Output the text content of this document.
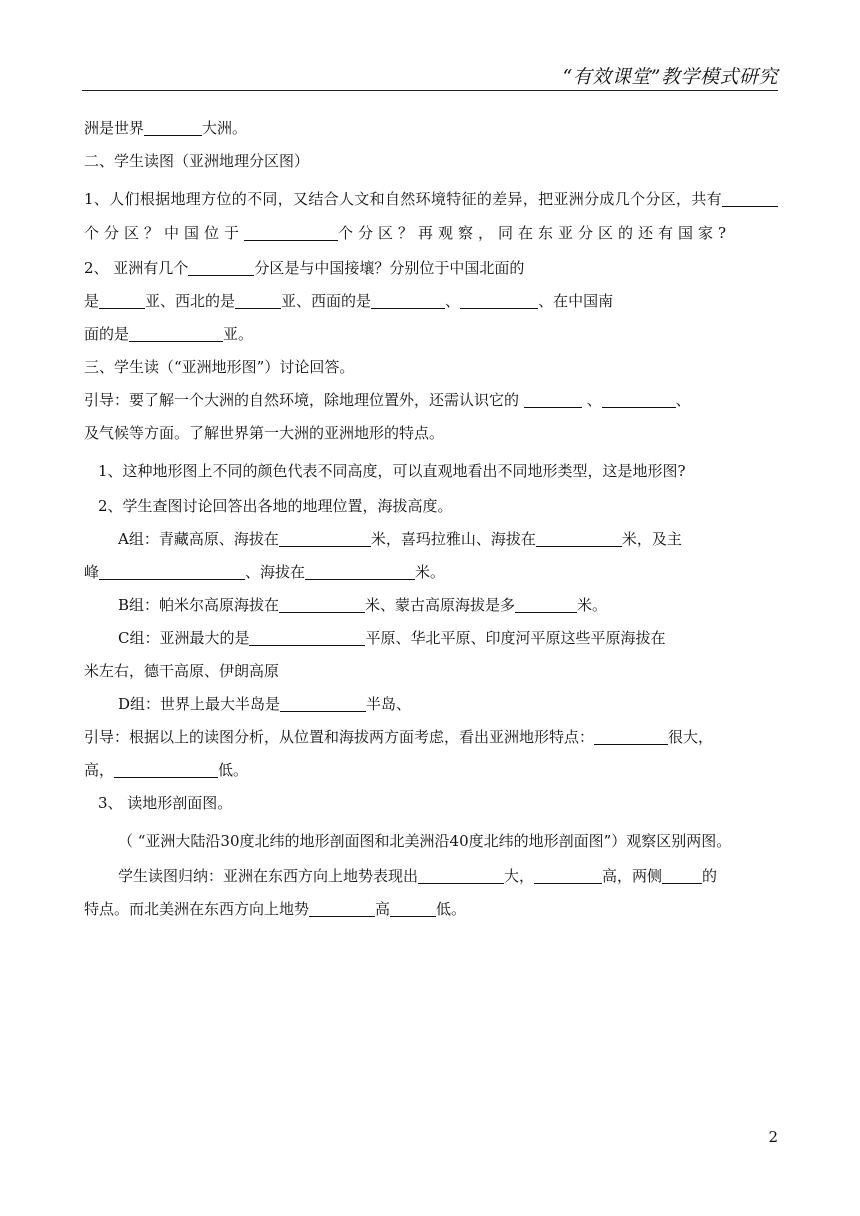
“有效课堂”教学模式研究
洲是世界	大洲。
二、学生读图（亚洲地理分区图）
1、人们根据地理方位的不同，又结合人文和自然环境特征的差异，把亚洲分成几个分区，共有个分区？中国位于	个分区？再观察，同在东亚分区的还有国家?
2、 亚洲有几个	分区是与中国接壤？分别位于中国北面的
是	亚、西北的是	亚、西面的是	、	、在中国南
面的是	亚。
三、学生读（“亚洲地形图”）讨论回答。
引导：要了解一个大洲的自然环境，除地理位置外，还需认识它的	、	、
及气候等方面。了解世界第一大洲的亚洲地形的特点。
1、这种地形图上不同的颜色代表不同高度，可以直观地看出不同地形类型，这是地形图?
2、学生查图讨论回答出各地的地理位置，海拔高度。
A组：青藏高原、海拔在	米，喜玛拉雅山、海拔在	米，及主
峰	、海拔在	米。
B组：帕米尔高原海拔在	米、蒙古高原海拔是多	米。
C组：亚洲最大的是	平原、华北平原、印度河平原这些平原海拔在
米左右，德干高原、伊朗高原
D组：世界上最大半岛是	半岛、
引导：根据以上的读图分析，从位置和海拔两方面考虑，看出亚洲地形特点：	很大，
高，	低。
3、 读地形剖面图。
（ “亚洲大陆沿30度北纬的地形剖面图和北美洲沿40度北纬的地形剖面图”）观察区别两图。
学生读图归纳：亚洲在东西方向上地势表现出	大，	高，两侧	的
特点。而北美洲在东西方向上地势	高	低。
2
